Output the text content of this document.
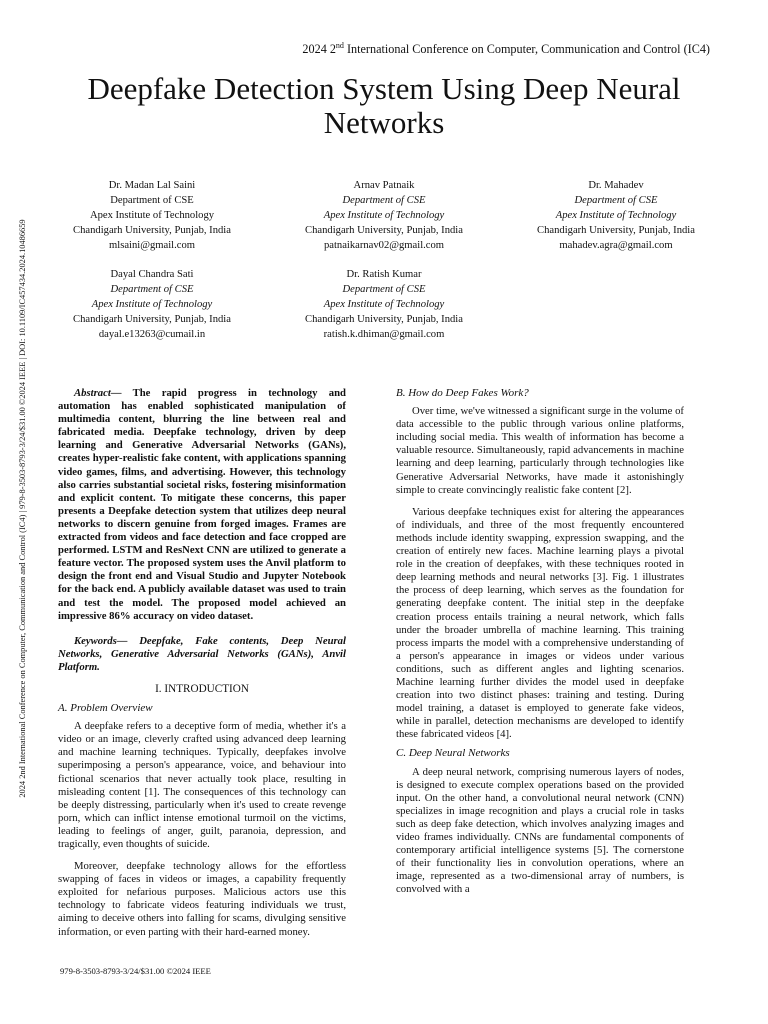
2024 2nd International Conference on Computer, Communication and Control (IC4)
Deepfake Detection System Using Deep Neural Networks
2024 2nd International Conference on Computer, Communication and Control (IC4) | 979-8-3503-8793-3/24/$31.00 ©2024 IEEE | DOI: 10.1109/IC457434.2024.10486659
Dr. Madan Lal Saini
Department of CSE
Apex Institute of Technology
Chandigarh University, Punjab, India
mlsaini@gmail.com
Arnav Patnaik
Department of CSE
Apex Institute of Technology
Chandigarh University, Punjab, India
patnaikarnav02@gmail.com
Dr. Mahadev
Department of CSE
Apex Institute of Technology
Chandigarh University, Punjab, India
mahadev.agra@gmail.com
Dayal Chandra Sati
Department of CSE
Apex Institute of Technology
Chandigarh University, Punjab, India
dayal.e13263@cumail.in
Dr. Ratish Kumar
Department of CSE
Apex Institute of Technology
Chandigarh University, Punjab, India
ratish.k.dhiman@gmail.com

Abstract— The rapid progress in technology and automation has enabled sophisticated manipulation of multimedia content, blurring the line between real and fabricated media. Deepfake technology, driven by deep learning and Generative Adversarial Networks (GANs), creates hyper-realistic fake content, with applications spanning video games, films, and advertising. However, this technology also carries substantial societal risks, fostering misinformation and explicit content. To mitigate these concerns, this paper presents a Deepfake detection system that utilizes deep neural networks to discern genuine from forged images. Frames are extracted from videos and face detection and face cropped are performed. LSTM and ResNext CNN are utilized to generate a feature vector. The proposed system uses the Anvil platform to design the front end and Visual Studio and Jupyter Notebook for the back end. A publicly available dataset was used to train and test the model. The proposed model achieved an impressive 86% accuracy on video dataset.

Keywords— Deepfake, Fake contents, Deep Neural Networks, Generative Adversarial Networks (GANs), Anvil Platform.

I. INTRODUCTION
A. Problem Overview

A deepfake refers to a deceptive form of media, whether it's a video or an image, cleverly crafted using advanced deep learning and machine learning techniques. Typically, deepfakes involve superimposing a person's appearance, voice, and behaviour into fictional scenarios that never actually took place, resulting in misleading content [1]. The consequences of this technology can be deeply distressing, particularly when it's used to create revenge porn, which can inflict intense emotional turmoil on the victims, leading to feelings of anger, guilt, paranoia, depression, and tragically, even thoughts of suicide.

Moreover, deepfake technology allows for the effortless swapping of faces in videos or images, a capability frequently exploited for nefarious purposes. Malicious actors use this technology to fabricate videos featuring individuals we trust, aiming to deceive others into falling for scams, divulging sensitive information, or even parting with their hard-earned money.

B. How do Deep Fakes Work?

Over time, we've witnessed a significant surge in the volume of data accessible to the public through various online platforms, including social media. This wealth of information has become a valuable resource. Simultaneously, rapid advancements in machine learning and deep learning, particularly through technologies like Generative Adversarial Networks, have made it astonishingly simple to create convincingly realistic fake content [2].

Various deepfake techniques exist for altering the appearances of individuals, and three of the most frequently encountered methods include identity swapping, expression swapping, and the creation of entirely new faces. Machine learning plays a pivotal role in the creation of deepfakes, with these techniques rooted in deep learning methods and neural networks [3]. Fig. 1 illustrates the process of deep learning, which serves as the foundation for generating deepfake content. The initial step in the deepfake creation process entails training a neural network, which falls under the broader umbrella of machine learning. This training process imparts the model with a comprehensive understanding of a person's appearance in images or videos under various conditions, such as different angles and lighting scenarios. Machine learning further divides the model used in deepfake creation into two distinct phases: training and testing. During model training, a dataset is employed to generate fake videos, while in parallel, detection mechanisms are developed to identify these fabricated videos [4].

C. Deep Neural Networks

A deep neural network, comprising numerous layers of nodes, is designed to execute complex operations based on the provided input. On the other hand, a convolutional neural network (CNN) specializes in image recognition and plays a crucial role in tasks such as deep fake detection, which involves analyzing images and video frames individually. CNNs are fundamental components of contemporary artificial intelligence systems [5]. The cornerstone of their functionality lies in convolution operations, where an image, represented as a two-dimensional array of numbers, is convolved with a

979-8-3503-8793-3/24/$31.00 ©2024 IEEE
